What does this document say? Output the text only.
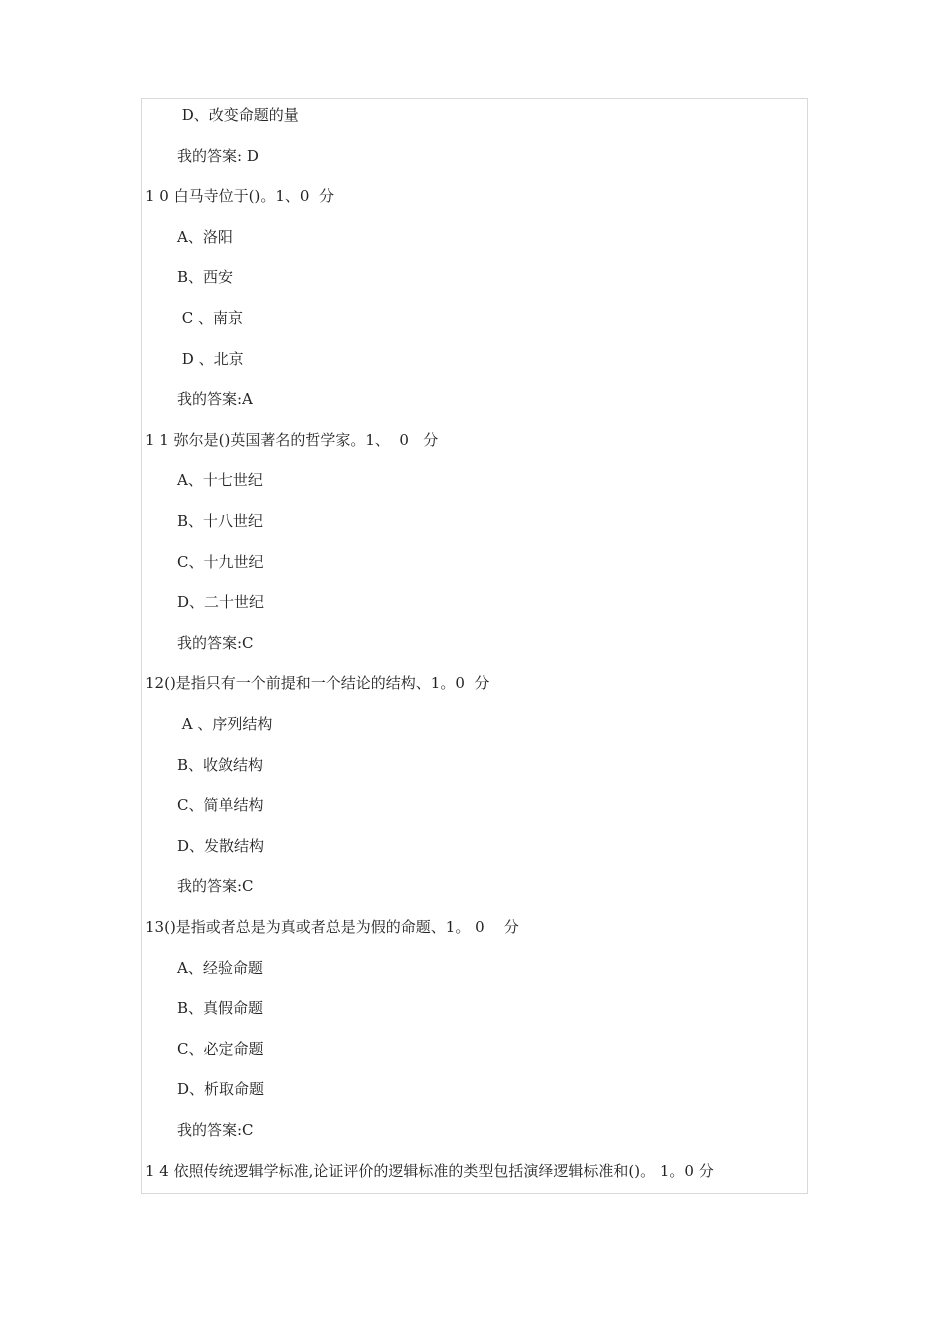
D、改变命题的量
我的答案: D
1 0 白马寺位于()。1、0  分
A、洛阳
B、西安
C 、南京
D 、北京
我的答案:A
1 1 弥尔是()英国著名的哲学家。1、  0   分
A、十七世纪
B、十八世纪
C、十九世纪
D、二十世纪
我的答案:C
12()是指只有一个前提和一个结论的结构、1。0  分
A 、序列结构
B、收敛结构
C、简单结构
D、发散结构
我的答案:C
13()是指或者总是为真或者总是为假的命题、1。 0    分
A、经验命题
B、真假命题
C、必定命题
D、析取命题
我的答案:C
1 4 依照传统逻辑学标准,论证评价的逻辑标准的类型包括演绎逻辑标准和()。 1。0 分
